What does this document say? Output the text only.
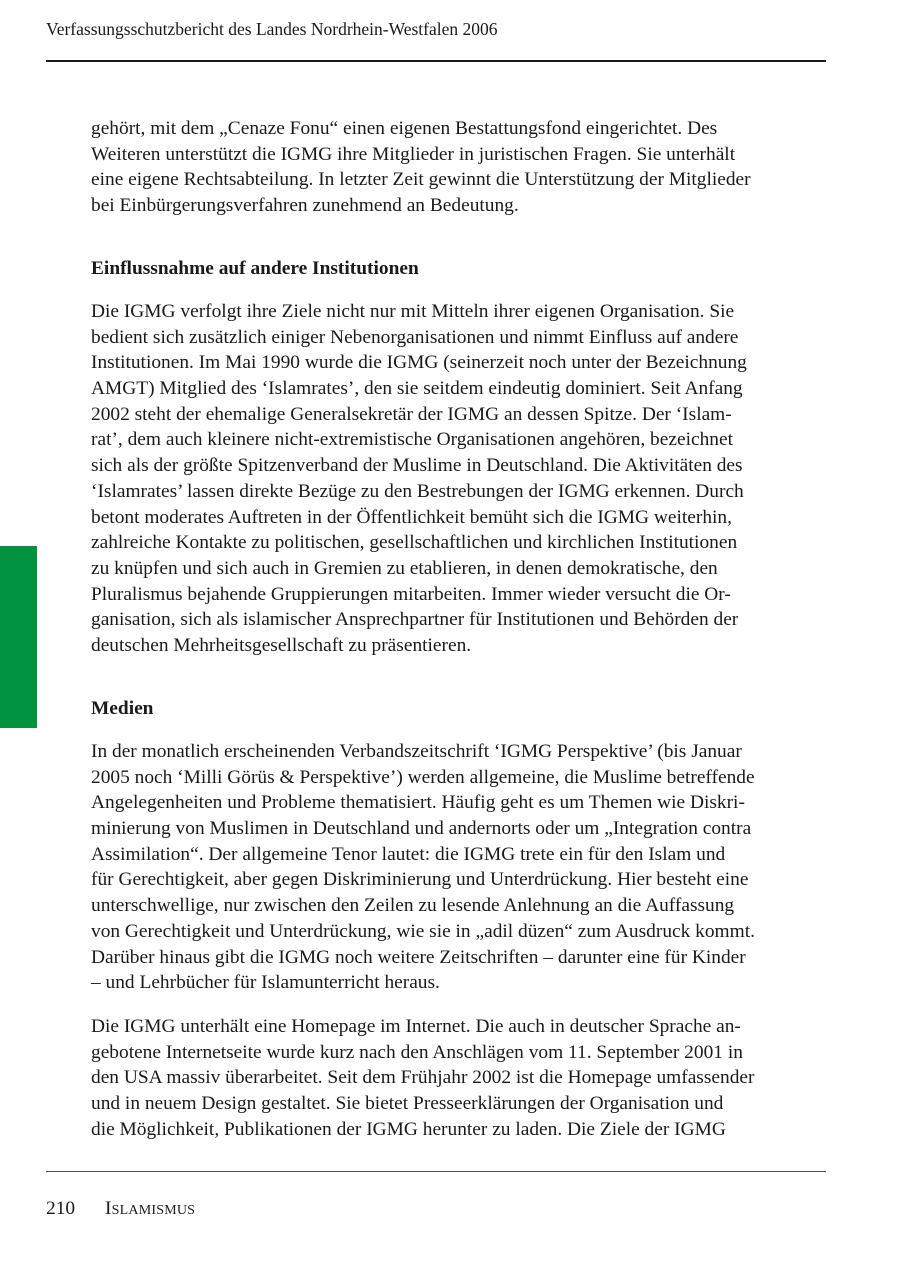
Verfassungsschutzbericht des Landes Nordrhein-Westfalen 2006
gehört, mit dem „Cenaze Fonu“ einen eigenen Bestattungsfond eingerichtet. Des
Weiteren unterstützt die IGMG ihre Mitglieder in juristischen Fragen. Sie unterhält
eine eigene Rechtsabteilung. In letzter Zeit gewinnt die Unterstützung der Mitglieder
bei Einbürgerungsverfahren zunehmend an Bedeutung.
Einflussnahme auf andere Institutionen
Die IGMG verfolgt ihre Ziele nicht nur mit Mitteln ihrer eigenen Organisation. Sie
bedient sich zusätzlich einiger Nebenorganisationen und nimmt Einfluss auf andere
Institutionen. Im Mai 1990 wurde die IGMG (seinerzeit noch unter der Bezeichnung
AMGT) Mitglied des ‘Islamrates’, den sie seitdem eindeutig dominiert. Seit Anfang
2002 steht der ehemalige Generalsekretär der IGMG an dessen Spitze. Der ‘Islam-
rat’, dem auch kleinere nicht-extremistische Organisationen angehören, bezeichnet
sich als der größte Spitzenverband der Muslime in Deutschland. Die Aktivitäten des
‘Islamrates’ lassen direkte Bezüge zu den Bestrebungen der IGMG erkennen. Durch
betont moderates Auftreten in der Öffentlichkeit bemüht sich die IGMG weiterhin,
zahlreiche Kontakte zu politischen, gesellschaftlichen und kirchlichen Institutionen
zu knüpfen und sich auch in Gremien zu etablieren, in denen demokratische, den
Pluralismus bejahende Gruppierungen mitarbeiten. Immer wieder versucht die Or-
ganisation, sich als islamischer Ansprechpartner für Institutionen und Behörden der
deutschen Mehrheitsgesellschaft zu präsentieren.
Medien
In der monatlich erscheinenden Verbandszeitschrift ‘IGMG Perspektive’ (bis Januar
2005 noch ‘Milli Görüs & Perspektive’) werden allgemeine, die Muslime betreffende
Angelegenheiten und Probleme thematisiert. Häufig geht es um Themen wie Diskri-
minierung von Muslimen in Deutschland und andernorts oder um „Integration contra
Assimilation“. Der allgemeine Tenor lautet: die IGMG trete ein für den Islam und
für Gerechtigkeit, aber gegen Diskriminierung und Unterdrückung. Hier besteht eine
unterschwellige, nur zwischen den Zeilen zu lesende Anlehnung an die Auffassung
von Gerechtigkeit und Unterdrückung, wie sie in „adil düzen“ zum Ausdruck kommt.
Darüber hinaus gibt die IGMG noch weitere Zeitschriften – darunter eine für Kinder
– und Lehrbücher für Islamunterricht heraus.
Die IGMG unterhält eine Homepage im Internet. Die auch in deutscher Sprache an-
gebotene Internetseite wurde kurz nach den Anschlägen vom 11. September 2001 in
den USA massiv überarbeitet. Seit dem Frühjahr 2002 ist die Homepage umfassender
und in neuem Design gestaltet. Sie bietet Presseerklärungen der Organisation und
die Möglichkeit, Publikationen der IGMG herunter zu laden. Die Ziele der IGMG
210 Islamismus
